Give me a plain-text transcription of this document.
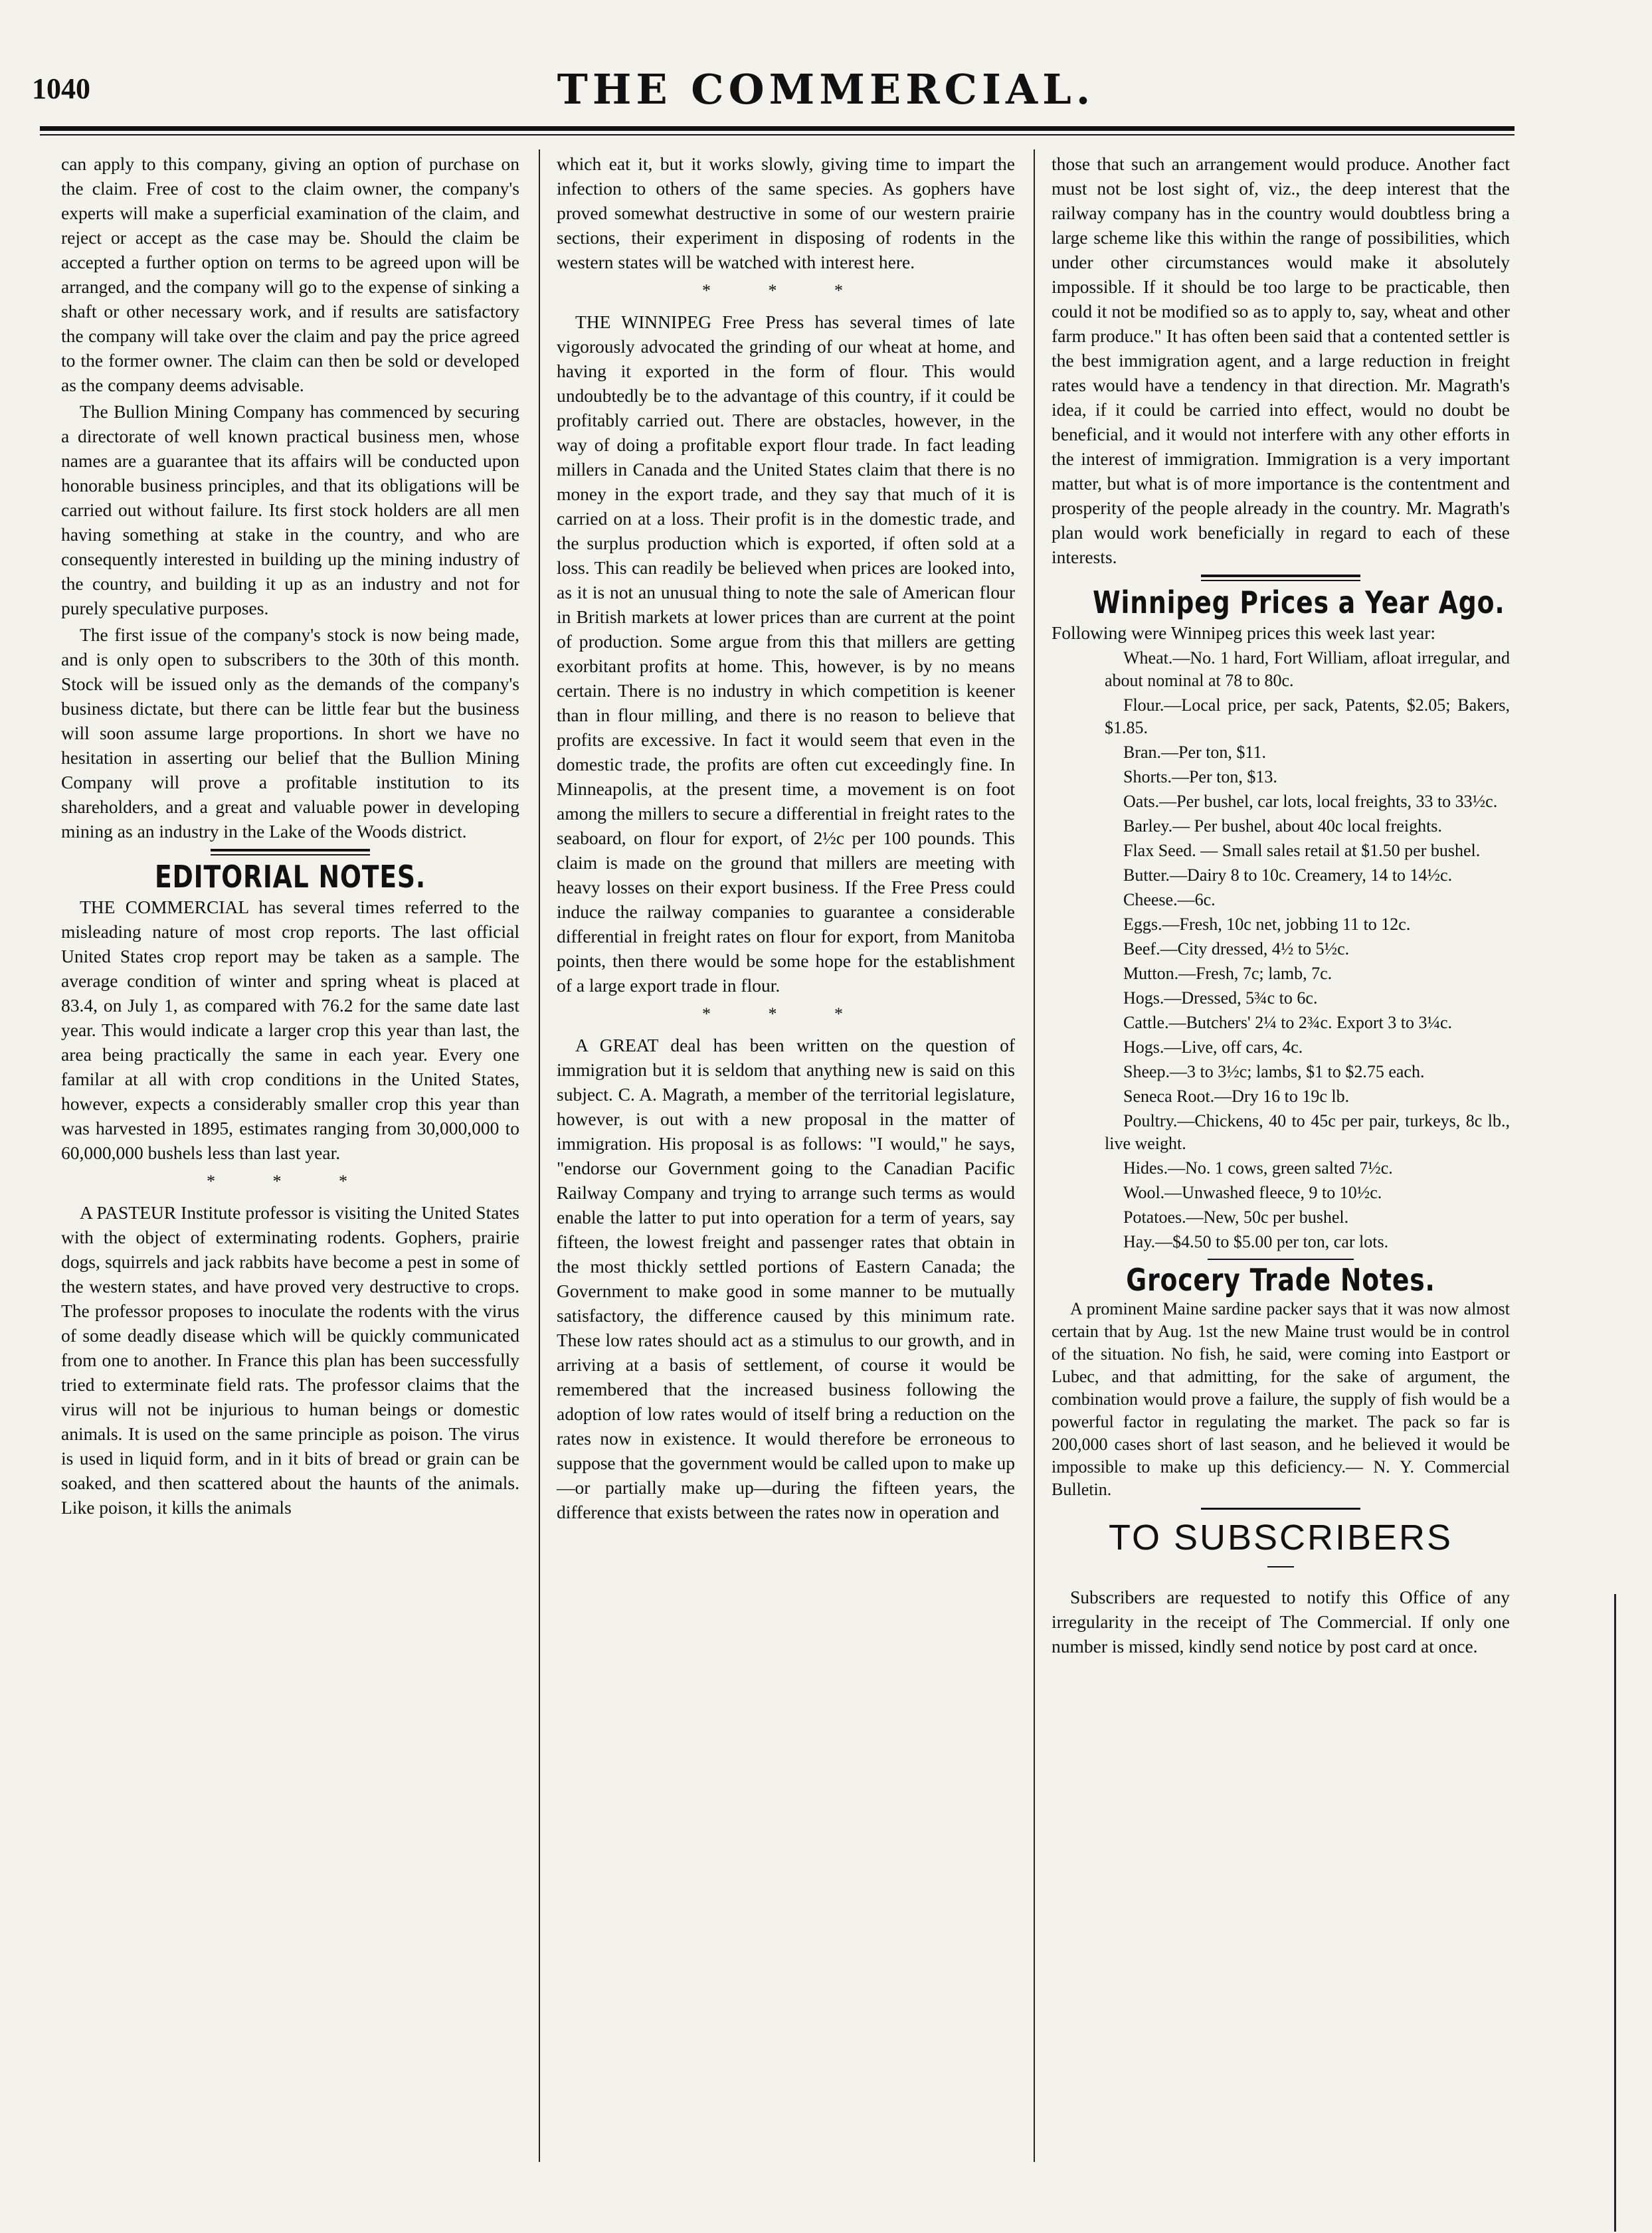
1040	THE COMMERCIAL.

can apply to this company, giving an option of purchase on the claim. Free of cost to the claim owner, the company's experts will make a superficial examination of the claim, and reject or accept as the case may be. Should the claim be accepted a further option on terms to be agreed upon will be arranged, and the company will go to the expense of sinking a shaft or other necessary work, and if results are satisfactory the company will take over the claim and pay the price agreed to the former owner. The claim can then be sold or developed as the company deems advisable.

The Bullion Mining Company has commenced by securing a directorate of well known practical business men, whose names are a guarantee that its affairs will be conducted upon honorable business principles, and that its obligations will be carried out without failure. Its first stock holders are all men having something at stake in the country, and who are consequently interested in building up the mining industry of the country, and building it up as an industry and not for purely speculative purposes.

The first issue of the company's stock is now being made, and is only open to subscribers to the 30th of this month. Stock will be issued only as the demands of the company's business dictate, but there can be little fear but the business will soon assume large proportions. In short we have no hesitation in asserting our belief that the Bullion Mining Company will prove a profitable institution to its shareholders, and a great and valuable power in developing mining as an industry in the Lake of the Woods district.

EDITORIAL NOTES.

THE COMMERCIAL has several times referred to the misleading nature of most crop reports. The last official United States crop report may be taken as a sample. The average condition of winter and spring wheat is placed at 83.4, on July 1, as compared with 76.2 for the same date last year. This would indicate a larger crop this year than last, the area being practically the same in each year. Every one familar at all with crop conditions in the United States, however, expects a considerably smaller crop this year than was harvested in 1895, estimates ranging from 30,000,000 to 60,000,000 bushels less than last year.

* * *

A PASTEUR Institute professor is visiting the United States with the object of exterminating rodents. Gophers, prairie dogs, squirrels and jack rabbits have become a pest in some of the western states, and have proved very destructive to crops. The professor proposes to inoculate the rodents with the virus of some deadly disease which will be quickly communicated from one to another. In France this plan has been successfully tried to exterminate field rats. The professor claims that the virus will not be injurious to human beings or domestic animals. It is used on the same principle as poison. The virus is used in liquid form, and in it bits of bread or grain can be soaked, and then scattered about the haunts of the animals. Like poison, it kills the animals

which eat it, but it works slowly, giving time to impart the infection to others of the same species. As gophers have proved somewhat destructive in some of our western prairie sections, their experiment in disposing of rodents in the western states will be watched with interest here.

* * *

THE WINNIPEG Free Press has several times of late vigorously advocated the grinding of our wheat at home, and having it exported in the form of flour. This would undoubtedly be to the advantage of this country, if it could be profitably carried out. There are obstacles, however, in the way of doing a profitable export flour trade. In fact leading millers in Canada and the United States claim that there is no money in the export trade, and they say that much of it is carried on at a loss. Their profit is in the domestic trade, and the surplus production which is exported, if often sold at a loss. This can readily be believed when prices are looked into, as it is not an unusual thing to note the sale of American flour in British markets at lower prices than are current at the point of production. Some argue from this that millers are getting exorbitant profits at home. This, however, is by no means certain. There is no industry in which competition is keener than in flour milling, and there is no reason to believe that profits are excessive. In fact it would seem that even in the domestic trade, the profits are often cut exceedingly fine. In Minneapolis, at the present time, a movement is on foot among the millers to secure a differential in freight rates to the seaboard, on flour for export, of 2½c per 100 pounds. This claim is made on the ground that millers are meeting with heavy losses on their export business. If the Free Press could induce the railway companies to guarantee a considerable differential in freight rates on flour for export, from Manitoba points, then there would be some hope for the establishment of a large export trade in flour.

* * *

A GREAT deal has been written on the question of immigration but it is seldom that anything new is said on this subject. C. A. Magrath, a member of the territorial legislature, however, is out with a new proposal in the matter of immigration. His proposal is as follows: "I would," he says, "endorse our Government going to the Canadian Pacific Railway Company and trying to arrange such terms as would enable the latter to put into operation for a term of years, say fifteen, the lowest freight and passenger rates that obtain in the most thickly settled portions of Eastern Canada; the Government to make good in some manner to be mutually satisfactory, the difference caused by this minimum rate. These low rates should act as a stimulus to our growth, and in arriving at a basis of settlement, of course it would be remembered that the increased business following the adoption of low rates would of itself bring a reduction on the rates now in existence. It would therefore be erroneous to suppose that the government would be called upon to make up—or partially make up—during the fifteen years, the difference that exists between the rates now in operation and

those that such an arrangement would produce. Another fact must not be lost sight of, viz., the deep interest that the railway company has in the country would doubtless bring a large scheme like this within the range of possibilities, which under other circumstances would make it absolutely impossible. If it should be too large to be practicable, then could it not be modified so as to apply to, say, wheat and other farm produce." It has often been said that a contented settler is the best immigration agent, and a large reduction in freight rates would have a tendency in that direction. Mr. Magrath's idea, if it could be carried into effect, would no doubt be beneficial, and it would not interfere with any other efforts in the interest of immigration. Immigration is a very important matter, but what is of more importance is the contentment and prosperity of the people already in the country. Mr. Magrath's plan would work beneficially in regard to each of these interests.

Winnipeg Prices a Year Ago.

Following were Winnipeg prices this week last year:

Wheat.—No. 1 hard, Fort William, afloat irregular, and about nominal at 78 to 80c.

Flour.—Local price, per sack, Patents, $2.05; Bakers, $1.85.

Bran.—Per ton, $11.

Shorts.—Per ton, $13.

Oats.—Per bushel, car lots, local freights, 33 to 33½c.

Barley.— Per bushel, about 40c local freights.

Flax Seed. — Small sales retail at $1.50 per bushel.

Butter.—Dairy 8 to 10c. Creamery, 14 to 14½c.

Cheese.—6c.

Eggs.—Fresh, 10c net, jobbing 11 to 12c.

Beef.—City dressed, 4½ to 5½c.

Mutton.—Fresh, 7c; lamb, 7c.

Hogs.—Dressed, 5¾c to 6c.

Cattle.—Butchers' 2¼ to 2¾c. Export 3 to 3¼c.

Hogs.—Live, off cars, 4c.

Sheep.—3 to 3½c; lambs, $1 to $2.75 each.

Seneca Root.—Dry 16 to 19c lb.

Poultry.—Chickens, 40 to 45c per pair, turkeys, 8c lb., live weight.

Hides.—No. 1 cows, green salted 7½c.

Wool.—Unwashed fleece, 9 to 10½c.

Potatoes.—New, 50c per bushel.

Hay.—$4.50 to $5.00 per ton, car lots.

Grocery Trade Notes.

A prominent Maine sardine packer says that it was now almost certain that by Aug. 1st the new Maine trust would be in control of the situation. No fish, he said, were coming into Eastport or Lubec, and that admitting, for the sake of argument, the combination would prove a failure, the supply of fish would be a powerful factor in regulating the market. The pack so far is 200,000 cases short of last season, and he believed it would be impossible to make up this deficiency.— N. Y. Commercial Bulletin.

TO SUBSCRIBERS

Subscribers are requested to notify this Office of any irregularity in the receipt of The Commercial. If only one number is missed, kindly send notice by post card at once.
